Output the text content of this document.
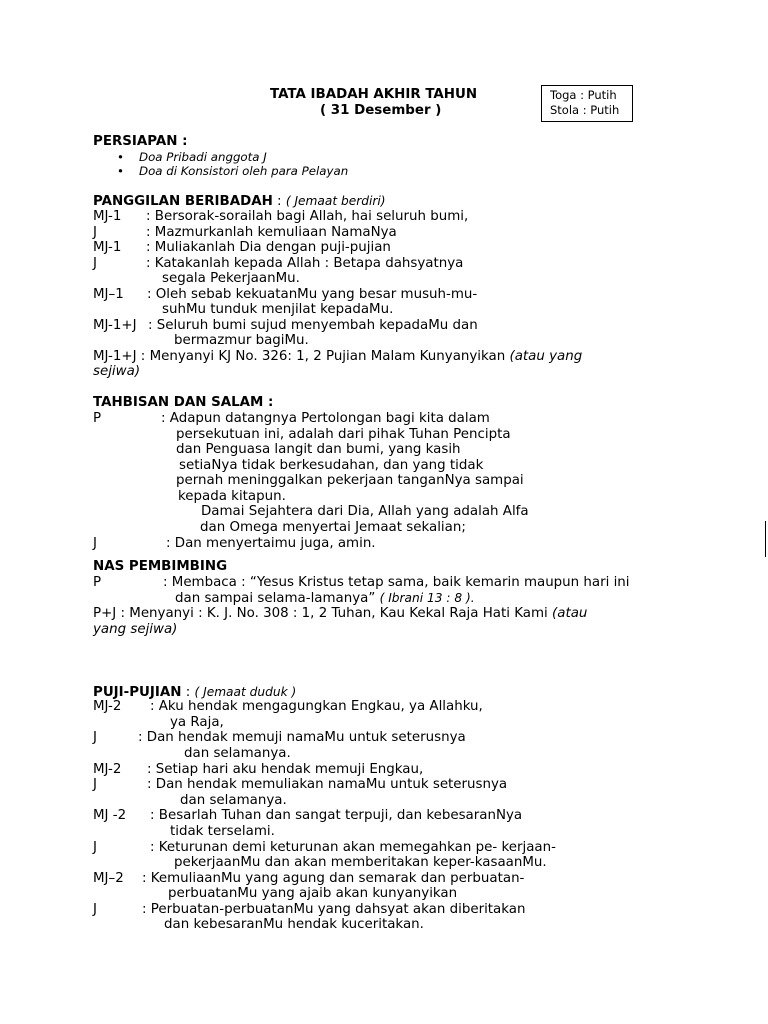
TATA IBADAH AKHIR TAHUN
( 31 Desember )
Toga : Putih
Stola : Putih
PERSIAPAN :
• Doa Pribadi anggota J
• Doa di Konsistori oleh para Pelayan
PANGGILAN BERIBADAH : ( Jemaat berdiri)
MJ-1 : Bersorak-sorailah bagi Allah, hai seluruh bumi,
J	: Mazmurkanlah kemuliaan NamaNya
MJ-1 : Muliakanlah Dia dengan puji-pujian
J	: Katakanlah kepada Allah : Betapa dahsyatnya
segala PekerjaanMu.
MJ–1 : Oleh sebab kekuatanMu yang besar musuh-mu-
suhMu tunduk menjilat kepadaMu.
MJ-1+J : Seluruh bumi sujud menyembah kepadaMu dan
bermazmur bagiMu.
MJ-1+J : Menyanyi KJ No. 326: 1, 2 Pujian Malam Kunyanyikan (atau yang
sejiwa)
TAHBISAN DAN SALAM :
P	: Adapun datangnya Pertolongan bagi kita dalam
persekutuan ini, adalah dari pihak Tuhan Pencipta
dan Penguasa langit dan bumi, yang kasih
setiaNya tidak berkesudahan, dan yang tidak
pernah meninggalkan pekerjaan tanganNya sampai
kepada kitapun.
Damai Sejahtera dari Dia, Allah yang adalah Alfa
dan Omega menyertai Jemaat sekalian;
J	: Dan menyertaimu juga, amin.
NAS PEMBIMBING
P	: Membaca : “Yesus Kristus tetap sama, baik kemarin maupun hari ini
dan sampai selama-lamanya” ( Ibrani 13 : 8 ).
P+J : Menyanyi : K. J. No. 308 : 1, 2 Tuhan, Kau Kekal Raja Hati Kami (atau
yang sejiwa)
PUJI-PUJIAN : ( Jemaat duduk )
MJ-2 : Aku hendak mengagungkan Engkau, ya Allahku,
ya Raja,
J	: Dan hendak memuji namaMu untuk seterusnya
dan selamanya.
MJ-2 : Setiap hari aku hendak memuji Engkau,
J	: Dan hendak memuliakan namaMu untuk seterusnya
dan selamanya.
MJ -2 : Besarlah Tuhan dan sangat terpuji, dan kebesaranNya
tidak terselami.
J	: Keturunan demi keturunan akan memegahkan pe- kerjaan-
pekerjaanMu dan akan memberitakan keper-kasaanMu.
MJ–2 : KemuliaanMu yang agung dan semarak dan perbuatan-
perbuatanMu yang ajaib akan kunyanyikan
J	: Perbuatan-perbuatanMu yang dahsyat akan diberitakan
dan kebesaranMu hendak kuceritakan.
